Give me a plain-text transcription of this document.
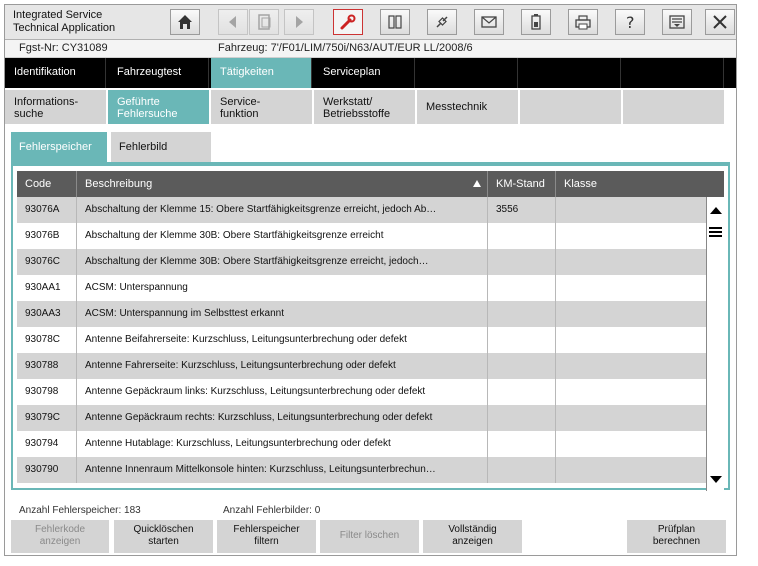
Integrated Service
Technical Application	?
Fgst-Nr: CY31089	Fahrzeug: 7'/F01/LIM/750i/N63/AUT/EUR LL/2008/6
Identifikation	Fahrzeugtest	Tätigkeiten	Serviceplan
Informations-
suche
Geführte
Fehlersuche
Service-
funktion
Werkstatt/
Betriebsstoffe
Messtechnik
Fehlerspeicher	Fehlerbild
Code	Beschreibung	KM-Stand	Klasse
93076A	Abschaltung der Klemme 15: Obere Startfähigkeitsgrenze erreicht, jedoch Ab…	3556
93076B	Abschaltung der Klemme 30B: Obere Startfähigkeitsgrenze erreicht
93076C	Abschaltung der Klemme 30B: Obere Startfähigkeitsgrenze erreicht, jedoch…
930AA1	ACSM: Unterspannung
930AA3	ACSM: Unterspannung im Selbsttest erkannt
93078C	Antenne Beifahrerseite: Kurzschluss, Leitungsunterbrechung oder defekt
930788	Antenne Fahrerseite: Kurzschluss, Leitungsunterbrechung oder defekt
930798	Antenne Gepäckraum links: Kurzschluss, Leitungsunterbrechung oder defekt
93079C	Antenne Gepäckraum rechts: Kurzschluss, Leitungsunterbrechung oder defekt
930794	Antenne Hutablage: Kurzschluss, Leitungsunterbrechung oder defekt
930790	Antenne Innenraum Mittelkonsole hinten: Kurzschluss, Leitungsunterbrechun…
Anzahl Fehlerspeicher: 183	Anzahl Fehlerbilder: 0
Fehlerkode
anzeigen
Quicklöschen
starten
Fehlerspeicher
filtern
Filter löschen
Vollständig
anzeigen
Prüfplan
berechnen
